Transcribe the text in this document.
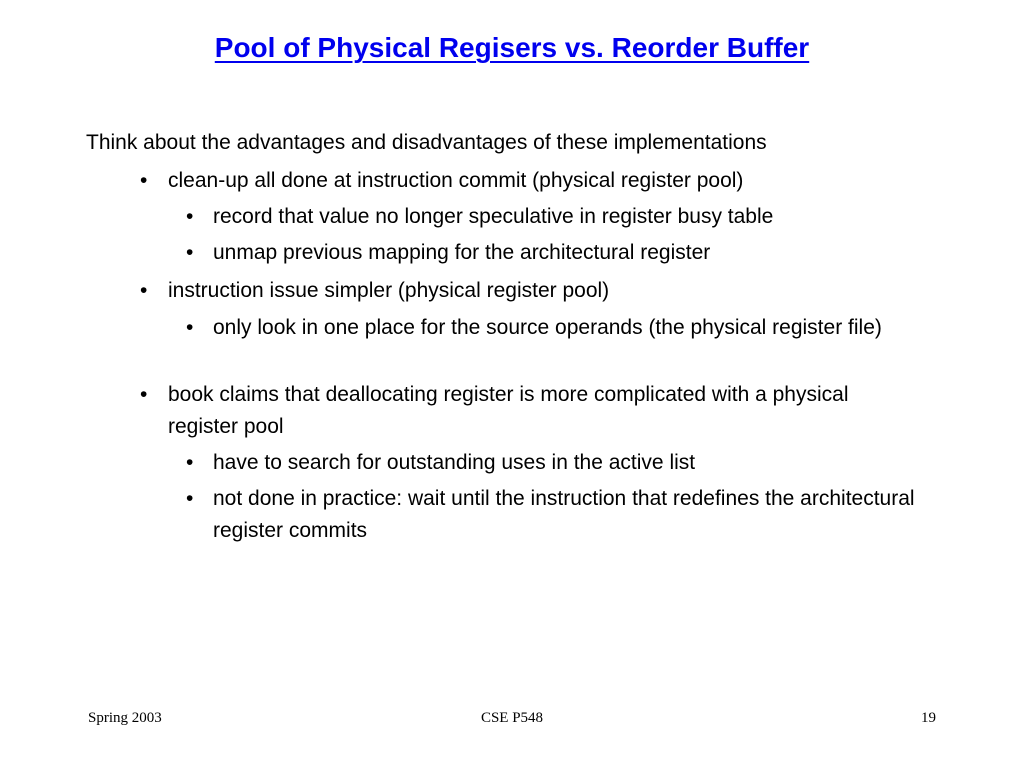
Pool of Physical Regisers vs. Reorder Buffer
Think about the advantages and disadvantages of these implementations
• clean-up all done at instruction commit (physical register pool)
• record that value no longer speculative in register busy table
• unmap previous mapping for the architectural register
• instruction issue simpler (physical register pool)
• only look in one place for the source operands (the physical register file)
• book claims that deallocating register is more complicated with a physical register pool
• have to search for outstanding uses in the active list
• not done in practice: wait until the instruction that redefines the architectural register commits
Spring 2003	CSE P548	19
